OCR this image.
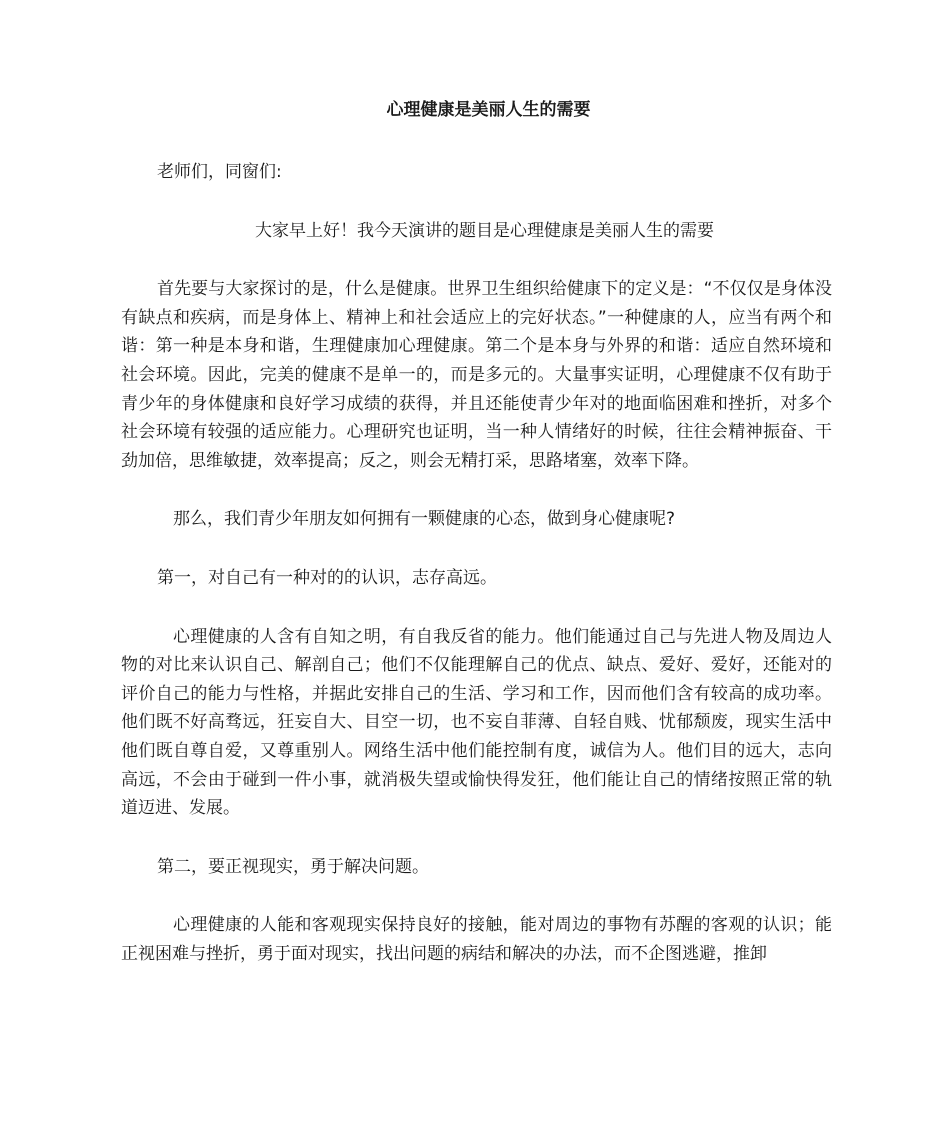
心理健康是美丽人生的需要

老师们，同窗们:

大家早上好！我今天演讲的题目是心理健康是美丽人生的需要

首先要与大家探讨的是，什么是健康。世界卫生组织给健康下的定义是：“不仅仅是身体没有缺点和疾病，而是身体上、精神上和社会适应上的完好状态。”一种健康的人，应当有两个和谐：第一种是本身和谐，生理健康加心理健康。第二个是本身与外界的和谐：适应自然环境和社会环境。因此，完美的健康不是单一的，而是多元的。大量事实证明，心理健康不仅有助于青少年的身体健康和良好学习成绩的获得，并且还能使青少年对的地面临困难和挫折，对多个社会环境有较强的适应能力。心理研究也证明，当一种人情绪好的时候，往往会精神振奋、干劲加倍，思维敏捷，效率提高；反之，则会无精打采，思路堵塞，效率下降。

那么，我们青少年朋友如何拥有一颗健康的心态，做到身心健康呢?

第一，对自己有一种对的的认识，志存高远。

心理健康的人含有自知之明，有自我反省的能力。他们能通过自己与先进人物及周边人物的对比来认识自己、解剖自己；他们不仅能理解自己的优点、缺点、爱好、爱好，还能对的评价自己的能力与性格，并据此安排自己的生活、学习和工作，因而他们含有较高的成功率。他们既不好高骛远，狂妄自大、目空一切，也不妄自菲薄、自轻自贱、忧郁颓废，现实生活中他们既自尊自爱，又尊重别人。网络生活中他们能控制有度，诚信为人。他们目的远大，志向高远，不会由于碰到一件小事，就消极失望或愉快得发狂，他们能让自己的情绪按照正常的轨道迈进、发展。

第二，要正视现实，勇于解决问题。

心理健康的人能和客观现实保持良好的接触，能对周边的事物有苏醒的客观的认识；能正视困难与挫折，勇于面对现实，找出问题的病结和解决的办法，而不企图逃避，推卸
